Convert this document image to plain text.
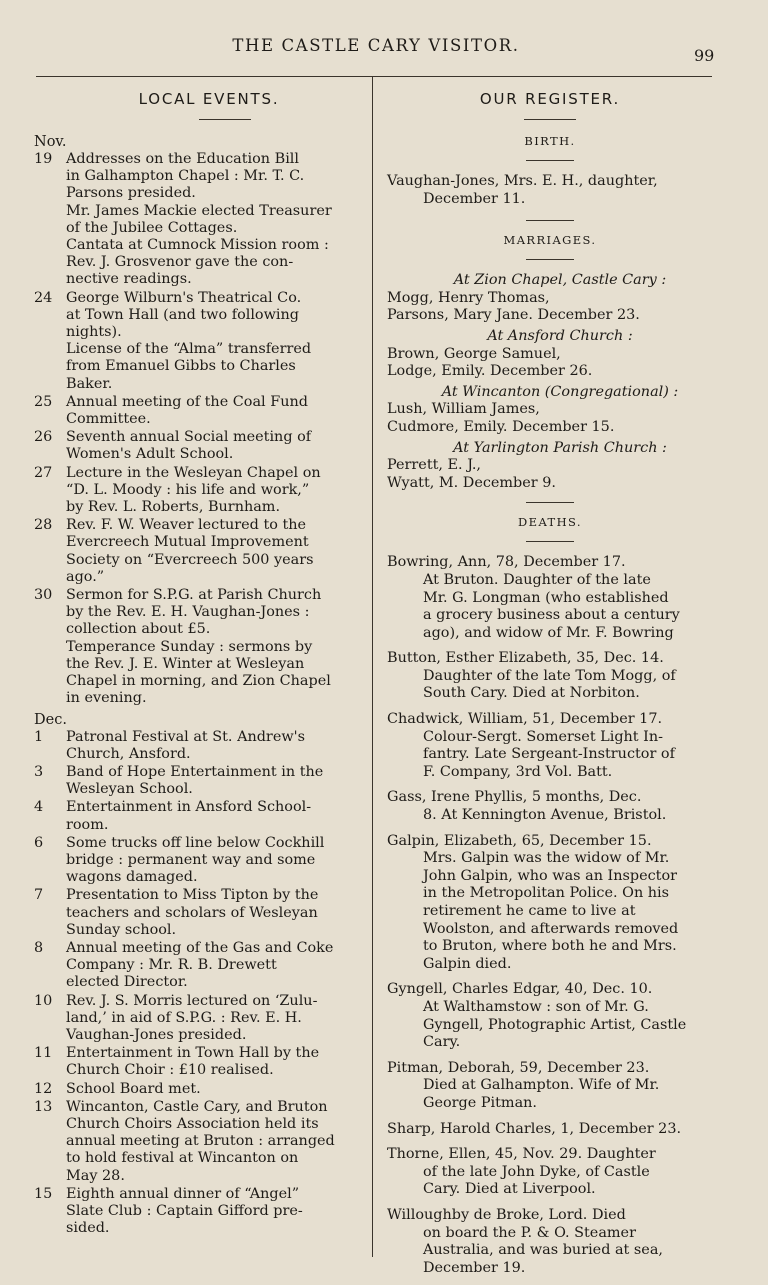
THE CASTLE CARY VISITOR.
99
LOCAL EVENTS.
Nov.
19 Addresses on the Education Bill
in Galhampton Chapel : Mr. T. C.
Parsons presided.
Mr. James Mackie elected Treasurer
of the Jubilee Cottages.
Cantata at Cumnock Mission room :
Rev. J. Grosvenor gave the con-
nective readings.
24 George Wilburn's Theatrical Co.
at Town Hall (and two following
nights).
License of the “Alma” transferred
from Emanuel Gibbs to Charles
Baker.
25 Annual meeting of the Coal Fund
Committee.
26 Seventh annual Social meeting of
Women's Adult School.
27 Lecture in the Wesleyan Chapel on
“D. L. Moody : his life and work,”
by Rev. L. Roberts, Burnham.
28 Rev. F. W. Weaver lectured to the
Evercreech Mutual Improvement
Society on “Evercreech 500 years
ago.”
30 Sermon for S.P.G. at Parish Church
by the Rev. E. H. Vaughan-Jones :
collection about £5.
Temperance Sunday : sermons by
the Rev. J. E. Winter at Wesleyan
Chapel in morning, and Zion Chapel
in evening.
Dec.
1	Patronal Festival at St. Andrew's
Church, Ansford.
3	Band of Hope Entertainment in the
Wesleyan School.
4	Entertainment in Ansford School-
room.
6	Some trucks off line below Cockhill
bridge : permanent way and some
wagons damaged.
7	Presentation to Miss Tipton by the
teachers and scholars of Wesleyan
Sunday school.
8	Annual meeting of the Gas and Coke
Company : Mr. R. B. Drewett
elected Director.
10 Rev. J. S. Morris lectured on ‘Zulu-
land,’ in aid of S.P.G. : Rev. E. H.
Vaughan-Jones presided.
11 Entertainment in Town Hall by the
Church Choir : £10 realised.
12 School Board met.
13 Wincanton, Castle Cary, and Bruton
Church Choirs Association held its
annual meeting at Bruton : arranged
to hold festival at Wincanton on
May 28.
15 Eighth annual dinner of “Angel”
Slate Club : Captain Gifford pre-
sided.
OUR REGISTER.
BIRTH.
Vaughan-Jones, Mrs. E. H., daughter,
December 11.
MARRIAGES.
At Zion Chapel, Castle Cary :
Mogg, Henry Thomas,
Parsons, Mary Jane. December 23.
At Ansford Church :
Brown, George Samuel,
Lodge, Emily. December 26.
At Wincanton (Congregational) :
Lush, William James,
Cudmore, Emily. December 15.
At Yarlington Parish Church :
Perrett, E. J.,
Wyatt, M. December 9.
DEATHS.
Bowring, Ann, 78, December 17.
At Bruton. Daughter of the late
Mr. G. Longman (who established
a grocery business about a century
ago), and widow of Mr. F. Bowring
Button, Esther Elizabeth, 35, Dec. 14.
Daughter of the late Tom Mogg, of
South Cary. Died at Norbiton.
Chadwick, William, 51, December 17.
Colour-Sergt. Somerset Light In-
fantry. Late Sergeant-Instructor of
F. Company, 3rd Vol. Batt.
Gass, Irene Phyllis, 5 months, Dec.
8. At Kennington Avenue, Bristol.
Galpin, Elizabeth, 65, December 15.
Mrs. Galpin was the widow of Mr.
John Galpin, who was an Inspector
in the Metropolitan Police. On his
retirement he came to live at
Woolston, and afterwards removed
to Bruton, where both he and Mrs.
Galpin died.
Gyngell, Charles Edgar, 40, Dec. 10.
At Walthamstow : son of Mr. G.
Gyngell, Photographic Artist, Castle
Cary.
Pitman, Deborah, 59, December 23.
Died at Galhampton. Wife of Mr.
George Pitman.
Sharp, Harold Charles, 1, December 23.
Thorne, Ellen, 45, Nov. 29. Daughter
of the late John Dyke, of Castle
Cary. Died at Liverpool.
Willoughby de Broke, Lord. Died
on board the P. & O. Steamer
Australia, and was buried at sea,
December 19.
